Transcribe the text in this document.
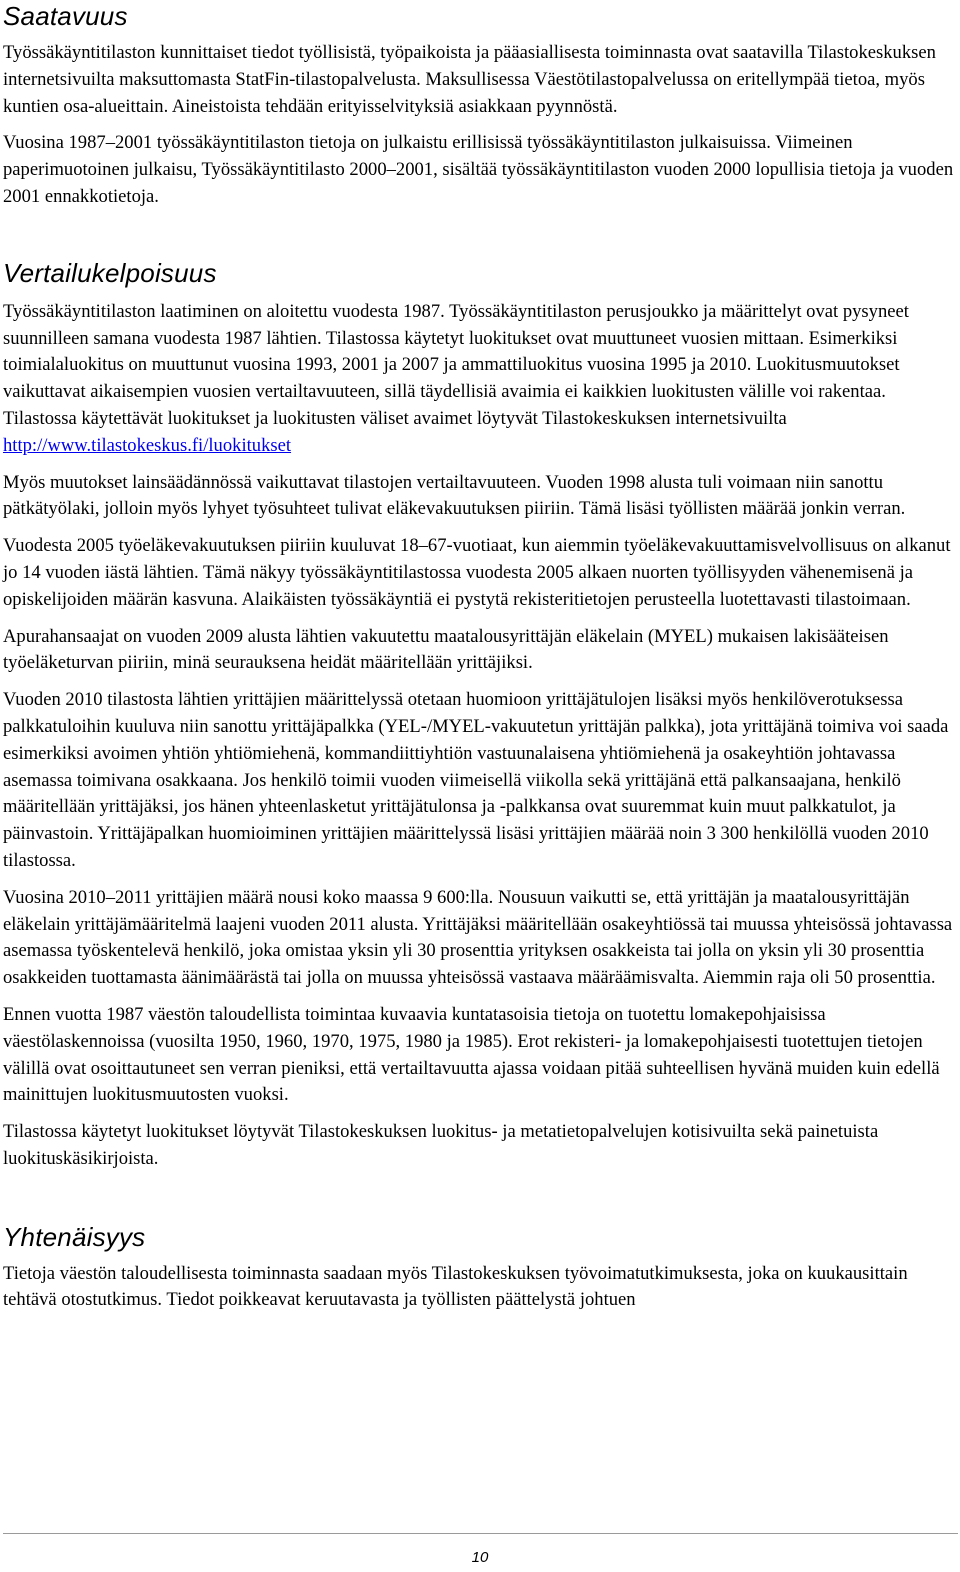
Saatavuus

Työssäkäyntitilaston kunnittaiset tiedot työllisistä, työpaikoista ja pääasiallisesta toiminnasta ovat saatavilla Tilastokeskuksen internetsivuilta maksuttomasta StatFin-tilastopalvelusta. Maksullisessa Väestötilastopalvelussa on eritellympää tietoa, myös kuntien osa-alueittain. Aineistoista tehdään erityisselvityksiä asiakkaan pyynnöstä.

Vuosina 1987–2001 työssäkäyntitilaston tietoja on julkaistu erillisissä työssäkäyntitilaston julkaisuissa. Viimeinen paperimuotoinen julkaisu, Työssäkäyntitilasto 2000–2001, sisältää työssäkäyntitilaston vuoden 2000 lopullisia tietoja ja vuoden 2001 ennakkotietoja.

Vertailukelpoisuus

Työssäkäyntitilaston laatiminen on aloitettu vuodesta 1987. Työssäkäyntitilaston perusjoukko ja määrittelyt ovat pysyneet suunnilleen samana vuodesta 1987 lähtien. Tilastossa käytetyt luokitukset ovat muuttuneet vuosien mittaan. Esimerkiksi toimialaluokitus on muuttunut vuosina 1993, 2001 ja 2007 ja ammattiluokitus vuosina 1995 ja 2010. Luokitusmuutokset vaikuttavat aikaisempien vuosien vertailtavuuteen, sillä täydellisiä avaimia ei kaikkien luokitusten välille voi rakentaa. Tilastossa käytettävät luokitukset ja luokitusten väliset avaimet löytyvät Tilastokeskuksen internetsivuilta http://www.tilastokeskus.fi/luokitukset

Myös muutokset lainsäädännössä vaikuttavat tilastojen vertailtavuuteen. Vuoden 1998 alusta tuli voimaan niin sanottu pätkätyölaki, jolloin myös lyhyet työsuhteet tulivat eläkevakuutuksen piiriin. Tämä lisäsi työllisten määrää jonkin verran.

Vuodesta 2005 työeläkevakuutuksen piiriin kuuluvat 18–67-vuotiaat, kun aiemmin työeläkevakuuttamisvelvollisuus on alkanut jo 14 vuoden iästä lähtien. Tämä näkyy työssäkäyntitilastossa vuodesta 2005 alkaen nuorten työllisyyden vähenemisenä ja opiskelijoiden määrän kasvuna. Alaikäisten työssäkäyntiä ei pystytä rekisteritietojen perusteella luotettavasti tilastoimaan.

Apurahansaajat on vuoden 2009 alusta lähtien vakuutettu maatalousyrittäjän eläkelain (MYEL) mukaisen lakisääteisen työeläketurvan piiriin, minä seurauksena heidät määritellään yrittäjiksi.

Vuoden 2010 tilastosta lähtien yrittäjien määrittelyssä otetaan huomioon yrittäjätulojen lisäksi myös henkilöverotuksessa palkkatuloihin kuuluva niin sanottu yrittäjäpalkka (YEL-/MYEL-vakuutetun yrittäjän palkka), jota yrittäjänä toimiva voi saada esimerkiksi avoimen yhtiön yhtiömiehenä, kommandiittiyhtiön vastuunalaisena yhtiömiehenä ja osakeyhtiön johtavassa asemassa toimivana osakkaana. Jos henkilö toimii vuoden viimeisellä viikolla sekä yrittäjänä että palkansaajana, henkilö määritellään yrittäjäksi, jos hänen yhteenlasketut yrittäjätulonsa ja -palkkansa ovat suuremmat kuin muut palkkatulot, ja päinvastoin. Yrittäjäpalkan huomioiminen yrittäjien määrittelyssä lisäsi yrittäjien määrää noin 3 300 henkilöllä vuoden 2010 tilastossa.

Vuosina 2010–2011 yrittäjien määrä nousi koko maassa 9 600:lla. Nousuun vaikutti se, että yrittäjän ja maatalousyrittäjän eläkelain yrittäjämääritelmä laajeni vuoden 2011 alusta. Yrittäjäksi määritellään osakeyhtiössä tai muussa yhteisössä johtavassa asemassa työskentelevä henkilö, joka omistaa yksin yli 30 prosenttia yrityksen osakkeista tai jolla on yksin yli 30 prosenttia osakkeiden tuottamasta äänimäärästä tai jolla on muussa yhteisössä vastaava määräämisvalta. Aiemmin raja oli 50 prosenttia.

Ennen vuotta 1987 väestön taloudellista toimintaa kuvaavia kuntatasoisia tietoja on tuotettu lomakepohjaisissa väestölaskennoissa (vuosilta 1950, 1960, 1970, 1975, 1980 ja 1985). Erot rekisteri- ja lomakepohjaisesti tuotettujen tietojen välillä ovat osoittautuneet sen verran pieniksi, että vertailtavuutta ajassa voidaan pitää suhteellisen hyvänä muiden kuin edellä mainittujen luokitusmuutosten vuoksi.

Tilastossa käytetyt luokitukset löytyvät Tilastokeskuksen luokitus- ja metatietopalvelujen kotisivuilta sekä painetuista luokituskäsikirjoista.

Yhtenäisyys

Tietoja väestön taloudellisesta toiminnasta saadaan myös Tilastokeskuksen työvoimatutkimuksesta, joka on kuukausittain tehtävä otostutkimus. Tiedot poikkeavat keruutavasta ja työllisten päättelystä johtuen

10
